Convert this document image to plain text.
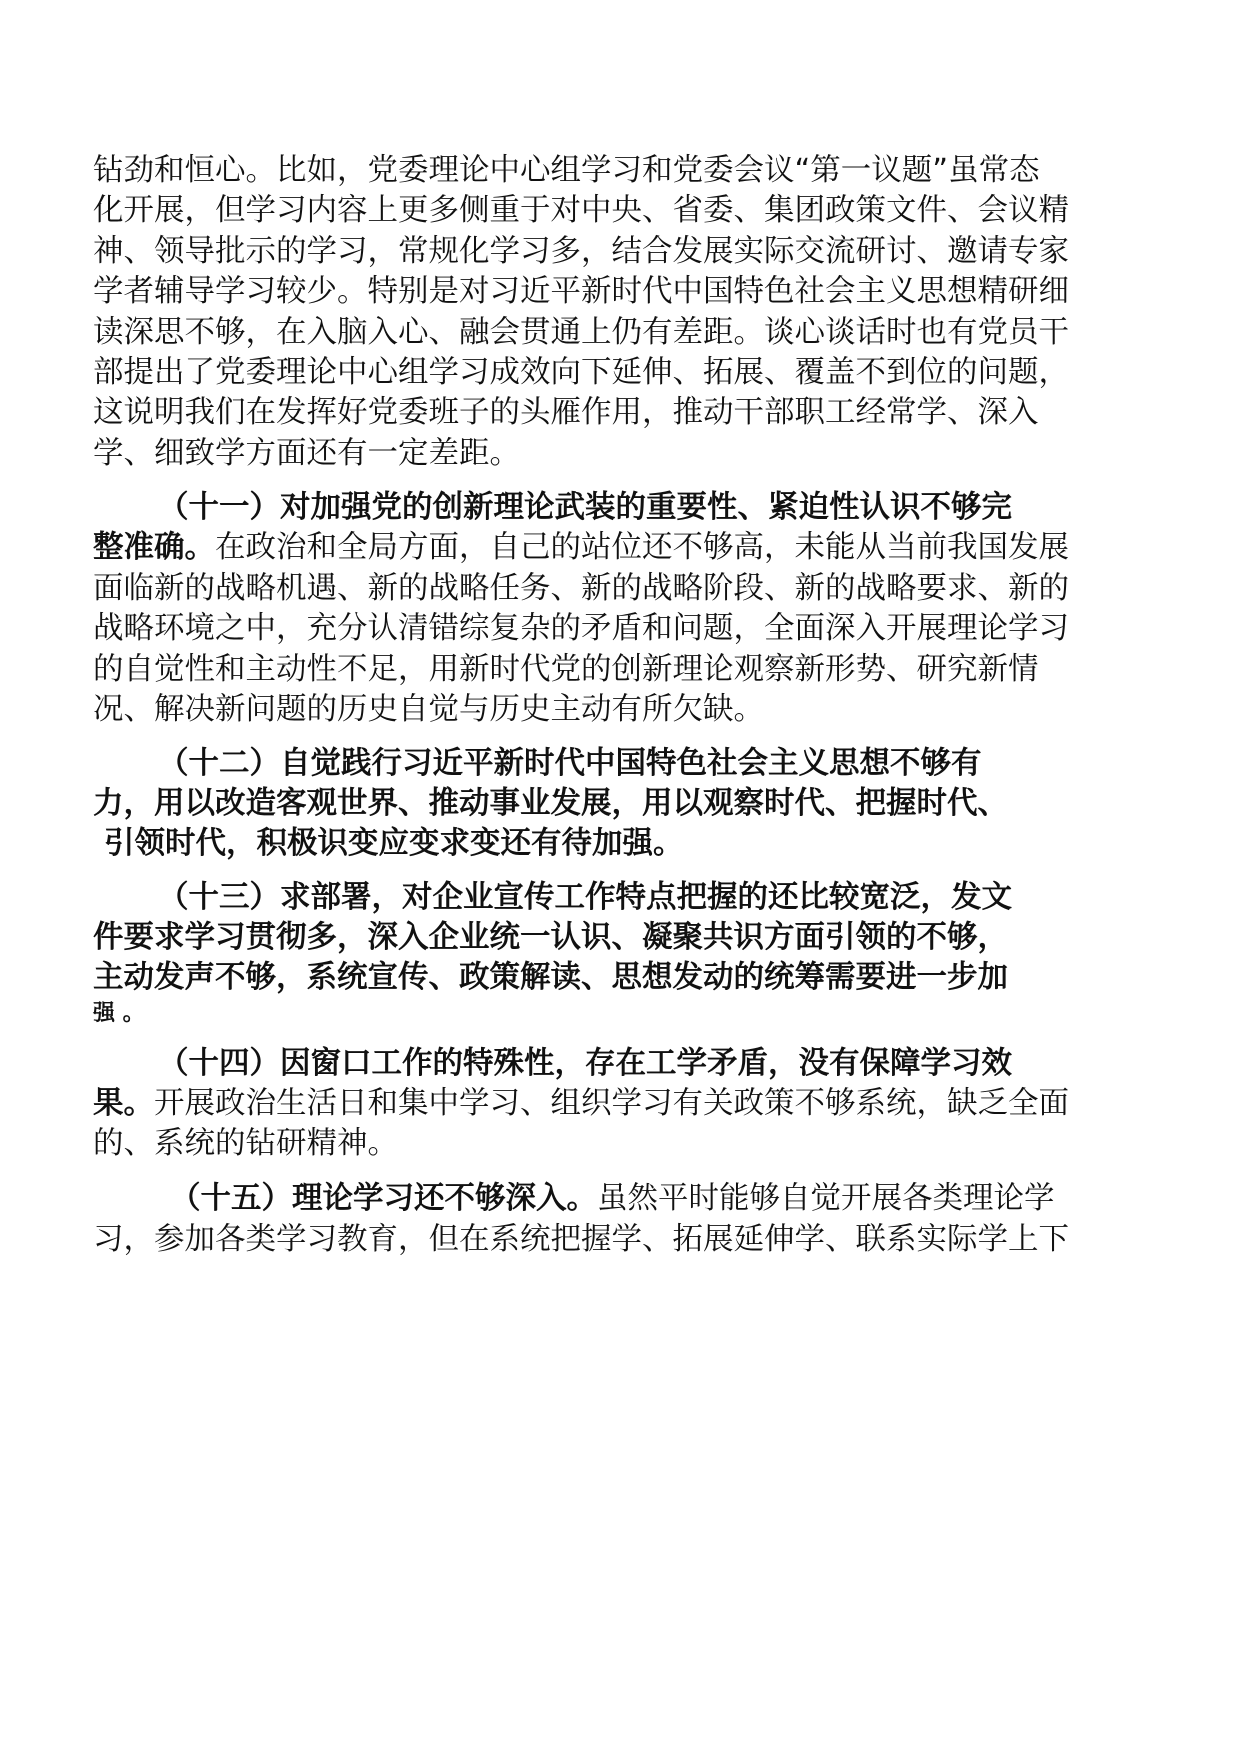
钻劲和恒心。比如，党委理论中心组学习和党委会议“第一议题”虽常态
化开展，但学习内容上更多侧重于对中央、省委、集团政策文件、会议精
神、领导批示的学习，常规化学习多，结合发展实际交流研讨、邀请专家
学者辅导学习较少。特别是对习近平新时代中国特色社会主义思想精研细
读深思不够，在入脑入心、融会贯通上仍有差距。谈心谈话时也有党员干
部提出了党委理论中心组学习成效向下延伸、拓展、覆盖不到位的问题，
这说明我们在发挥好党委班子的头雁作用，推动干部职工经常学、深入
学、细致学方面还有一定差距。
（十一）对加强党的创新理论武装的重要性、紧迫性认识不够完
整准确。在政治和全局方面，自己的站位还不够高，未能从当前我国发展
面临新的战略机遇、新的战略任务、新的战略阶段、新的战略要求、新的
战略环境之中，充分认清错综复杂的矛盾和问题，全面深入开展理论学习
的自觉性和主动性不足，用新时代党的创新理论观察新形势、研究新情
况、解决新问题的历史自觉与历史主动有所欠缺。
（十二）自觉践行习近平新时代中国特色社会主义思想不够有
力，用以改造客观世界、推动事业发展，用以观察时代、把握时代、
引领时代，积极识变应变求变还有待加强。
（十三）求部署，对企业宣传工作特点把握的还比较宽泛，发文
件要求学习贯彻多，深入企业统一认识、凝聚共识方面引领的不够，
主动发声不够，系统宣传、政策解读、思想发动的统筹需要进一步加
强 。
（十四）因窗口工作的特殊性，存在工学矛盾，没有保障学习效
果。开展政治生活日和集中学习、组织学习有关政策不够系统，缺乏全面
的、系统的钻研精神。
（十五）理论学习还不够深入。虽然平时能够自觉开展各类理论学
习，参加各类学习教育，但在系统把握学、拓展延伸学、联系实际学上下
